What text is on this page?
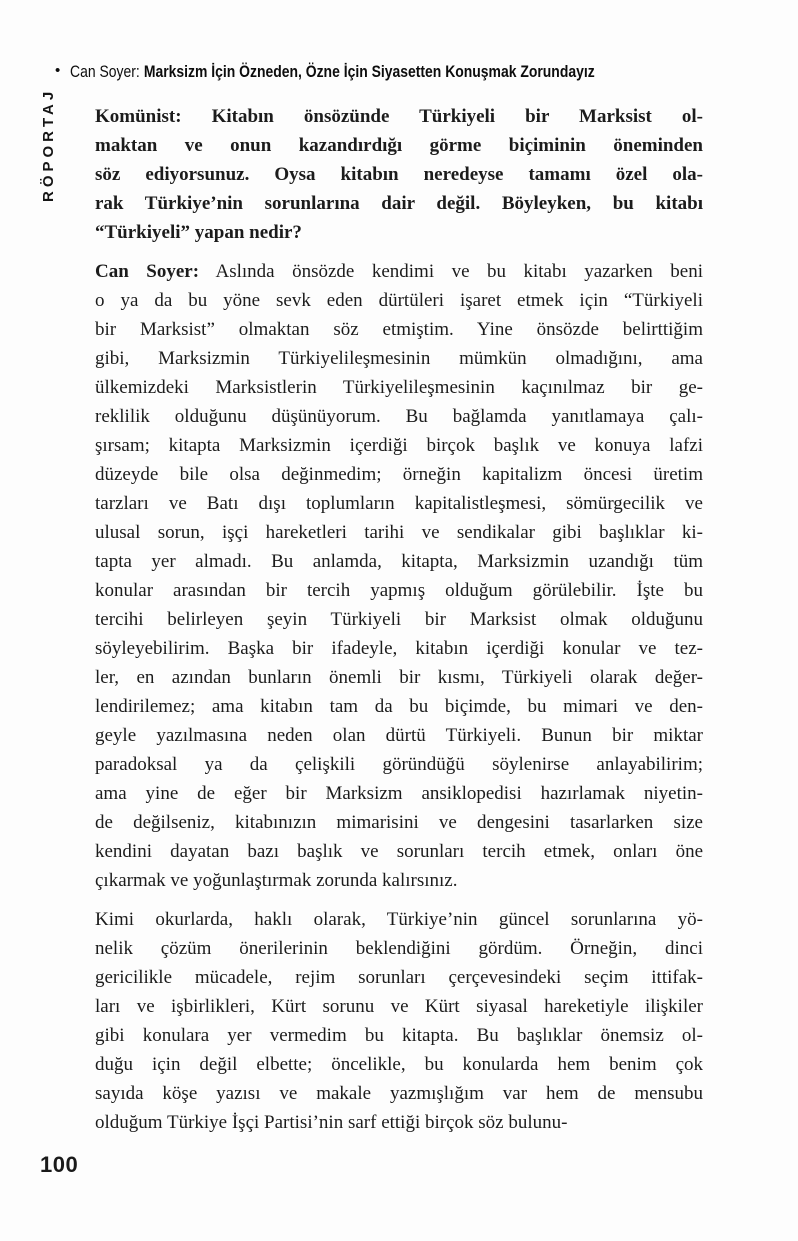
• Can Soyer: Marksizm İçin Özneden, Özne İçin Siyasetten Konuşmak Zorundayız
RÖPORTAJ Komünist: Kitabın önsözünde Türkiyeli bir Marksist ol-
maktan ve onun kazandırdığı görme biçiminin öneminden
söz ediyorsunuz. Oysa kitabın neredeyse tamamı özel ola-
rak Türkiye’nin sorunlarına dair değil. Böyleyken, bu kitabı
“Türkiyeli” yapan nedir?

Can Soyer: Aslında önsözde kendimi ve bu kitabı yazarken beni
o ya da bu yöne sevk eden dürtüleri işaret etmek için “Türkiyeli
bir Marksist” olmaktan söz etmiştim. Yine önsözde belirttiğim
gibi, Marksizmin Türkiyelileşmesinin mümkün olmadığını, ama
ülkemizdeki Marksistlerin Türkiyelileşmesinin kaçınılmaz bir ge-
reklilik olduğunu düşünüyorum. Bu bağlamda yanıtlamaya çalı-
şırsam; kitapta Marksizmin içerdiği birçok başlık ve konuya lafzi
düzeyde bile olsa değinmedim; örneğin kapitalizm öncesi üretim
tarzları ve Batı dışı toplumların kapitalistleşmesi, sömürgecilik ve
ulusal sorun, işçi hareketleri tarihi ve sendikalar gibi başlıklar ki-
tapta yer almadı. Bu anlamda, kitapta, Marksizmin uzandığı tüm
konular arasından bir tercih yapmış olduğum görülebilir. İşte bu
tercihi belirleyen şeyin Türkiyeli bir Marksist olmak olduğunu
söyleyebilirim. Başka bir ifadeyle, kitabın içerdiği konular ve tez-
ler, en azından bunların önemli bir kısmı, Türkiyeli olarak değer-
lendirilemez; ama kitabın tam da bu biçimde, bu mimari ve den-
geyle yazılmasına neden olan dürtü Türkiyeli. Bunun bir miktar
paradoksal ya da çelişkili göründüğü söylenirse anlayabilirim;
ama yine de eğer bir Marksizm ansiklopedisi hazırlamak niyetin-
de değilseniz, kitabınızın mimarisini ve dengesini tasarlarken size
kendini dayatan bazı başlık ve sorunları tercih etmek, onları öne
çıkarmak ve yoğunlaştırmak zorunda kalırsınız.

Kimi okurlarda, haklı olarak, Türkiye’nin güncel sorunlarına yö-
nelik çözüm önerilerinin beklendiğini gördüm. Örneğin, dinci
gericilikle mücadele, rejim sorunları çerçevesindeki seçim ittifak-
ları ve işbirlikleri, Kürt sorunu ve Kürt siyasal hareketiyle ilişkiler
gibi konulara yer vermedim bu kitapta. Bu başlıklar önemsiz ol-
duğu için değil elbette; öncelikle, bu konularda hem benim çok
sayıda köşe yazısı ve makale yazmışlığım var hem de mensubu
olduğum Türkiye İşçi Partisi’nin sarf ettiği birçok söz bulunu-

100
